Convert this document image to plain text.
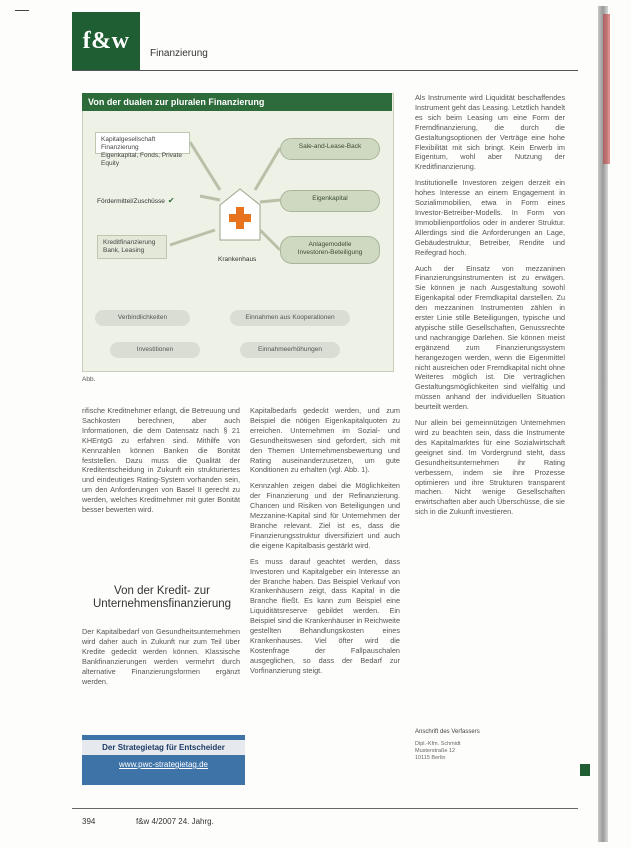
f&w	Finanzierung
Von der dualen zur pluralen Finanzierung
Kapitalgesellschaft Finanzierung
Eigenkapital, Fonds, Private Equity
Fördermittel/Zuschüsse ✔
Kreditfinanzierung
Bank, Leasing
Sale-and-Lease-Back
Eigenkapital
Anlagemodelle
Investoren-Beteiligung
Krankenhaus
Verbindlichkeiten	Einnahmen aus Kooperationen
Investitionen	Einnahmeerhöhungen
Abb.

rifische Kreditnehmer erlangt, die Betreuung und Sachkosten berechnen, aber auch Informationen, die dem Datensatz nach § 21 KHEntgG zu erfahren sind. Mithilfe von Kennzahlen können Banken die Bonität feststellen. Dazu muss die Qualität der Kreditentscheidung in Zukunft ein strukturiertes und eindeutiges Rating-System vorhanden sein, um den Anforderungen von Basel II gerecht zu werden, welches Kreditnehmer mit guter Bonität besser bewerten wird.

Von der Kredit- zur Unternehmensfinanzierung

Der Kapitalbedarf von Gesundheitsunternehmen wird daher auch in Zukunft nur zum Teil über Kredite gedeckt werden können. Klassische Bankfinanzierungen werden vermehrt durch alternative Finanzierungsformen ergänzt werden.

Der Strategietag für Entscheider
www.pwc-strategietag.de

Kapitalbedarfs gedeckt werden, und zum Beispiel die nötigen Eigenkapitalquoten zu erreichen. Unternehmen im Sozial- und Gesundheitswesen sind gefordert, sich mit den Themen Unternehmensbewertung und Rating auseinanderzusetzen, um gute Konditionen zu erhalten (vgl. Abb. 1).

Kennzahlen zeigen dabei die Möglichkeiten der Finanzierung und der Refinanzierung. Chancen und Risiken von Beteiligungen und Mezzanine-Kapital sind für Unternehmen der Branche relevant. Ziel ist es, dass die Finanzierungsstruktur diversifiziert und auch die eigene Kapitalbasis gestärkt wird.

Es muss darauf geachtet werden, dass Investoren und Kapitalgeber ein Interesse an der Branche haben. Das Beispiel Verkauf von Krankenhäusern zeigt, dass Kapital in die Branche fließt. Es kann zum Beispiel eine Liquiditätsreserve gebildet werden. Ein Beispiel sind die Krankenhäuser in Reichweite gestellten Behandlungskosten eines Krankenhauses. Viel öfter wird die Kostenfrage der Fallpauschalen ausgeglichen, so dass der Bedarf zur Vorfinanzierung steigt.

Als Instrumente wird Liquidität beschaffendes Instrument geht das Leasing. Letztlich handelt es sich beim Leasing um eine Form der Fremdfinanzierung, die durch die Gestaltungsoptionen der Verträge eine hohe Flexibilität mit sich bringt. Kein Erwerb im Eigentum, wohl aber Nutzung der Kreditfinanzierung.

Institutionelle Investoren zeigen derzeit ein hohes Interesse an einem Engagement in Sozialimmobilien, etwa in Form eines Investor-Betreiber-Modells. In Form von Immobilienportfolios oder in anderer Struktur. Allerdings sind die Anforderungen an Lage, Gebäudestruktur, Betreiber, Rendite und Reifegrad hoch.

Auch der Einsatz von mezzaninen Finanzierungsinstrumenten ist zu erwägen. Sie können je nach Ausgestaltung sowohl Eigenkapital oder Fremdkapital darstellen. Zu den mezzaninen Instrumenten zählen in erster Linie stille Beteiligungen, typische und atypische stille Gesellschaften, Genussrechte und nachrangige Darlehen. Sie können meist ergänzend zum Finanzierungssystem herangezogen werden, wenn die Eigenmittel nicht ausreichen oder Fremdkapital nicht ohne Weiteres möglich ist. Die vertraglichen Gestaltungsmöglichkeiten sind vielfältig und müssen anhand der individuellen Situation beurteilt werden.

Nur allein bei gemeinnützigen Unternehmen wird zu beachten sein, dass die Instrumente des Kapitalmarktes für eine Sozialwirtschaft geeignet sind. Im Vordergrund steht, dass Gesundheitsunternehmen ihr Rating verbessern, indem sie ihre Prozesse optimieren und ihre Strukturen transparent machen. Nicht wenige Gesellschaften erwirtschaften aber auch Überschüsse, die sie sich in die Zukunft investieren.

Anschrift des Verfassers
Dipl.-Kfm. Schmidt
Musterstraße 12
10115 Berlin
394	f&w 4/2007 24. Jahrg.
